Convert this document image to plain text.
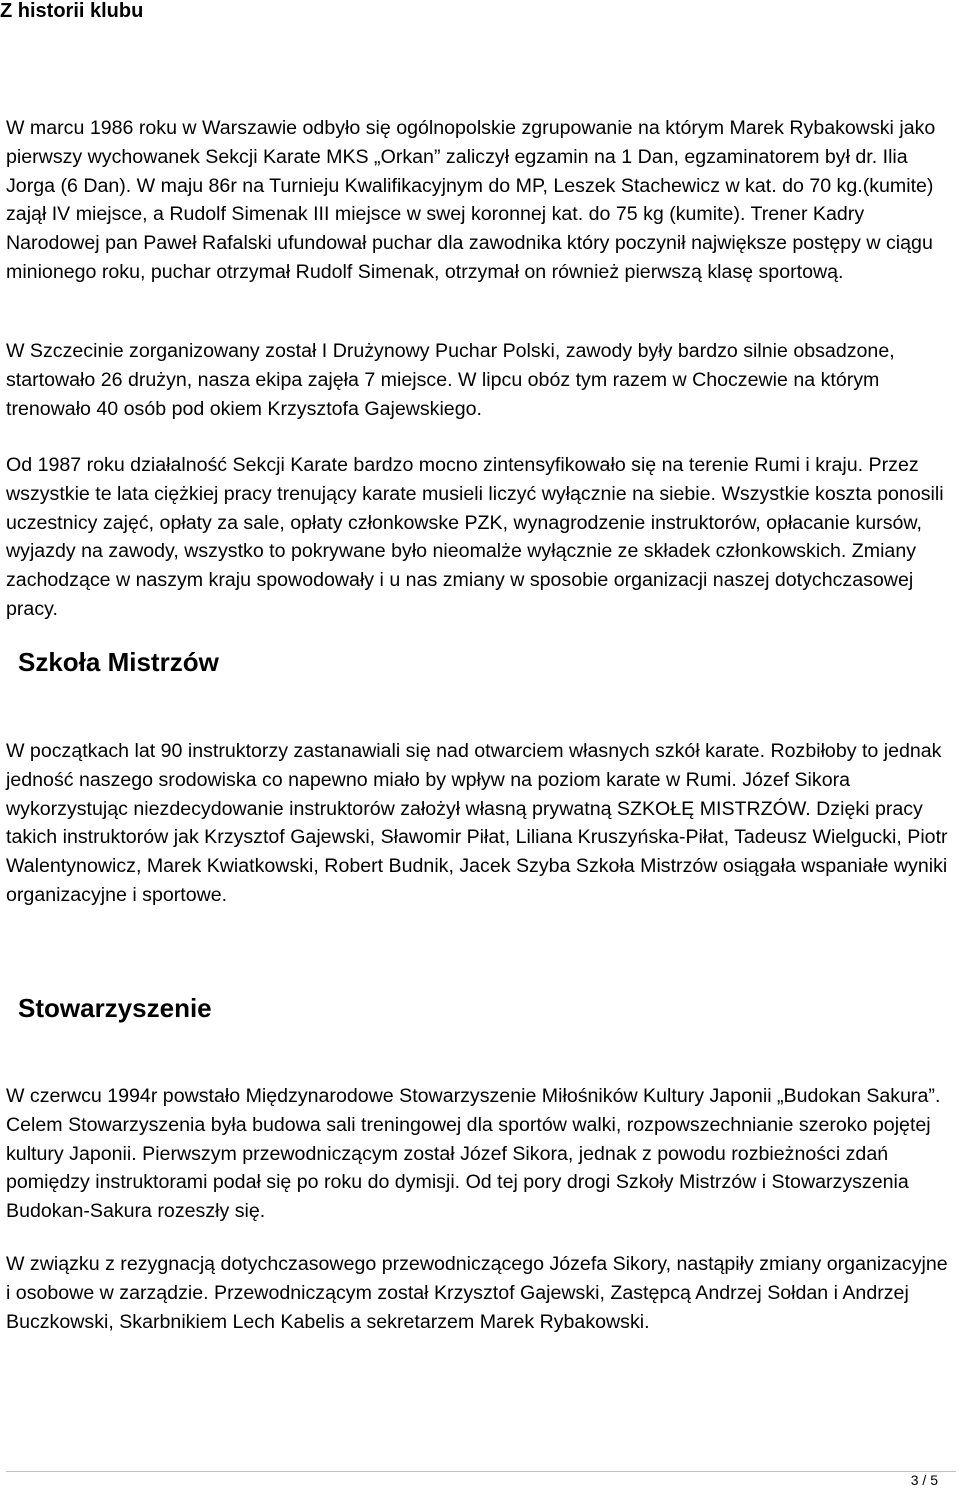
Z historii klubu

W marcu 1986 roku w Warszawie odbyło się ogólnopolskie zgrupowanie na którym Marek Rybakowski jako pierwszy wychowanek Sekcji Karate MKS „Orkan” zaliczył egzamin na 1 Dan, egzaminatorem był dr. Ilia Jorga (6 Dan). W maju 86r na Turnieju Kwalifikacyjnym do MP, Leszek Stachewicz w kat. do 70 kg.(kumite) zajął IV miejsce, a Rudolf Simenak III miejsce w swej koronnej kat. do 75 kg (kumite). Trener Kadry Narodowej pan Paweł Rafalski ufundował puchar dla zawodnika który poczynił największe postępy w ciągu minionego roku, puchar otrzymał Rudolf Simenak, otrzymał on również pierwszą klasę sportową.

W Szczecinie zorganizowany został I Drużynowy Puchar Polski, zawody były bardzo silnie obsadzone, startowało 26 drużyn, nasza ekipa zajęła 7 miejsce. W lipcu obóz tym razem w Choczewie na którym trenowało 40 osób pod okiem Krzysztofa Gajewskiego.

Od 1987 roku działalność Sekcji Karate bardzo mocno zintensyfikowało się na terenie Rumi i kraju. Przez wszystkie te lata ciężkiej pracy trenujący karate musieli liczyć wyłącznie na siebie. Wszystkie koszta ponosili uczestnicy zajęć, opłaty za sale, opłaty członkowske PZK, wynagrodzenie instruktorów, opłacanie kursów, wyjazdy na zawody, wszystko to pokrywane było nieomalże wyłącznie ze składek członkowskich. Zmiany zachodzące w naszym kraju spowodowały i u nas zmiany w sposobie organizacji naszej dotychczasowej pracy.

Szkoła Mistrzów

W początkach lat 90 instruktorzy zastanawiali się nad otwarciem własnych szkół karate. Rozbiłoby to jednak jedność naszego srodowiska co napewno miało by wpływ na poziom karate w Rumi. Józef Sikora wykorzystując niezdecydowanie instruktorów założył własną prywatną SZKOŁĘ MISTRZÓW. Dzięki pracy takich instruktorów jak Krzysztof Gajewski, Sławomir Piłat, Liliana Kruszyńska-Piłat, Tadeusz Wielgucki, Piotr Walentynowicz, Marek Kwiatkowski, Robert Budnik, Jacek Szyba Szkoła Mistrzów osiągała wspaniałe wyniki organizacyjne i sportowe.

Stowarzyszenie

W czerwcu 1994r powstało Międzynarodowe Stowarzyszenie Miłośników Kultury Japonii „Budokan Sakura”. Celem Stowarzyszenia była budowa sali treningowej dla sportów walki, rozpowszechnianie szeroko pojętej kultury Japonii. Pierwszym przewodniczącym został Józef Sikora, jednak z powodu rozbieżności zdań pomiędzy instruktorami podał się po roku do dymisji. Od tej pory drogi Szkoły Mistrzów i Stowarzyszenia Budokan-Sakura rozeszły się.

W związku z rezygnacją dotychczasowego przewodniczącego Józefa Sikory, nastąpiły zmiany organizacyjne i osobowe w zarządzie. Przewodniczącym został Krzysztof Gajewski, Zastępcą Andrzej Sołdan i Andrzej Buczkowski, Skarbnikiem Lech Kabelis a sekretarzem Marek Rybakowski.

3 / 5
